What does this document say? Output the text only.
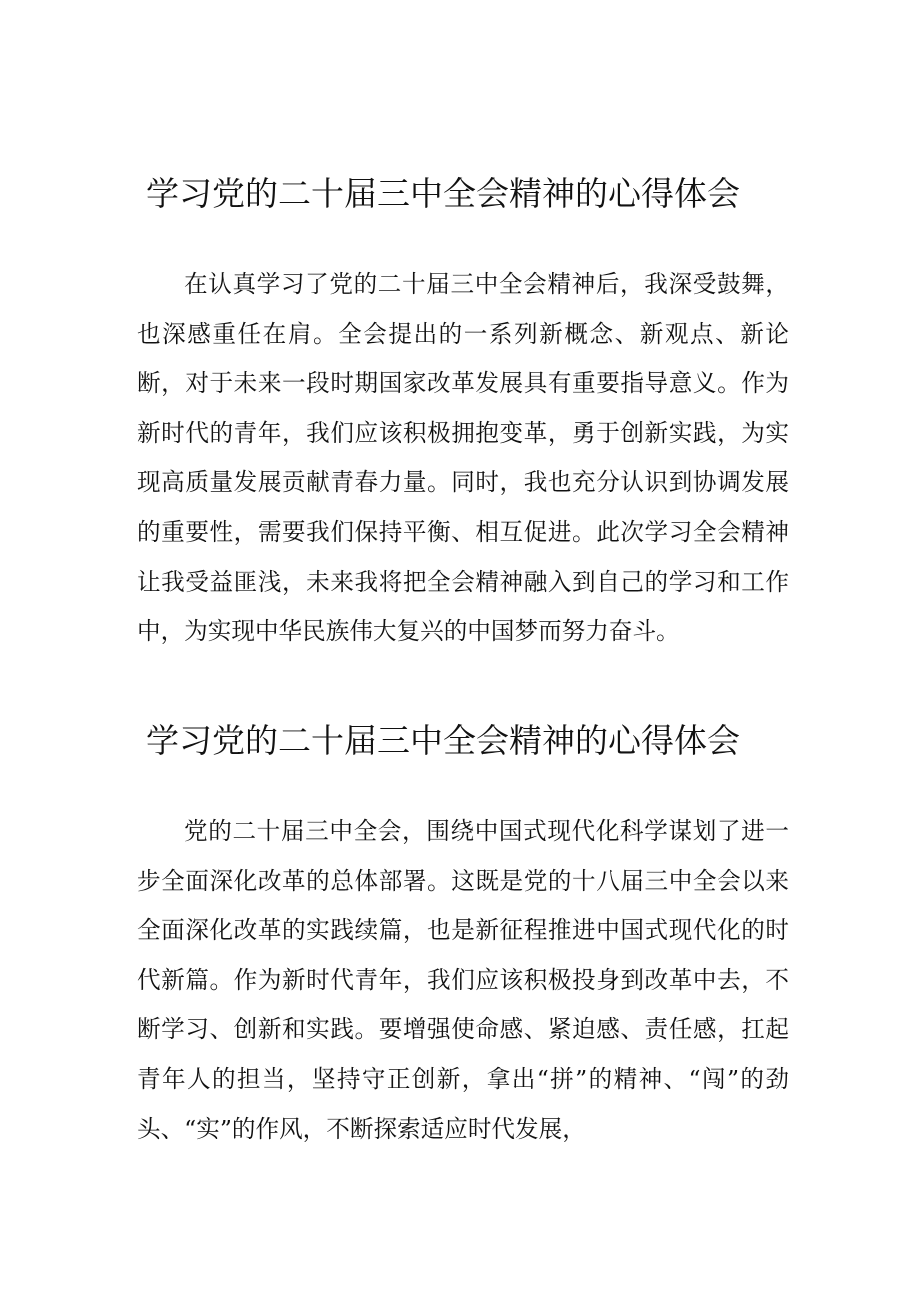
学习党的二十届三中全会精神的心得体会

在认真学习了党的二十届三中全会精神后，我深受鼓舞，也深感重任在肩。全会提出的一系列新概念、新观点、新论断，对于未来一段时期国家改革发展具有重要指导意义。作为新时代的青年，我们应该积极拥抱变革，勇于创新实践，为实现高质量发展贡献青春力量。同时，我也充分认识到协调发展的重要性，需要我们保持平衡、相互促进。此次学习全会精神让我受益匪浅，未来我将把全会精神融入到自己的学习和工作中，为实现中华民族伟大复兴的中国梦而努力奋斗。

学习党的二十届三中全会精神的心得体会

党的二十届三中全会，围绕中国式现代化科学谋划了进一步全面深化改革的总体部署。这既是党的十八届三中全会以来全面深化改革的实践续篇，也是新征程推进中国式现代化的时代新篇。作为新时代青年，我们应该积极投身到改革中去，不断学习、创新和实践。要增强使命感、紧迫感、责任感，扛起青年人的担当，坚持守正创新，拿出“拼”的精神、“闯”的劲头、“实”的作风，不断探索适应时代发展，
